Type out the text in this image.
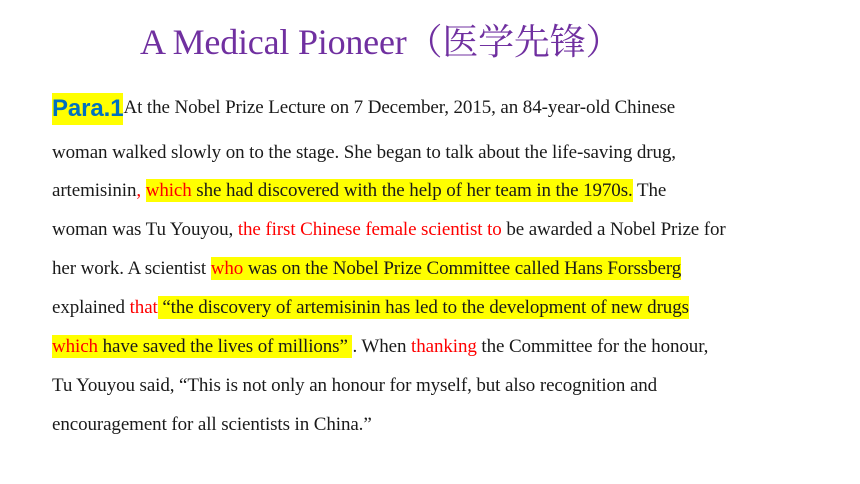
A Medical Pioneer（医学先锋）
Para.1At the Nobel Prize Lecture on 7 December, 2015, an 84-year-old Chinese
woman walked slowly on to the stage. She began to talk about the life-saving drug,
artemisinin, which she had discovered with the help of her team in the 1970s. The
woman was Tu Youyou, the first Chinese female scientist to be awarded a Nobel Prize for
her work. A scientist who was on the Nobel Prize Committee called Hans Forssberg
explained that “the discovery of artemisinin has led to the development of new drugs
which have saved the lives of millions” . When thanking the Committee for the honour,
Tu Youyou said, “This is not only an honour for myself, but also recognition and
encouragement for all scientists in China.”
